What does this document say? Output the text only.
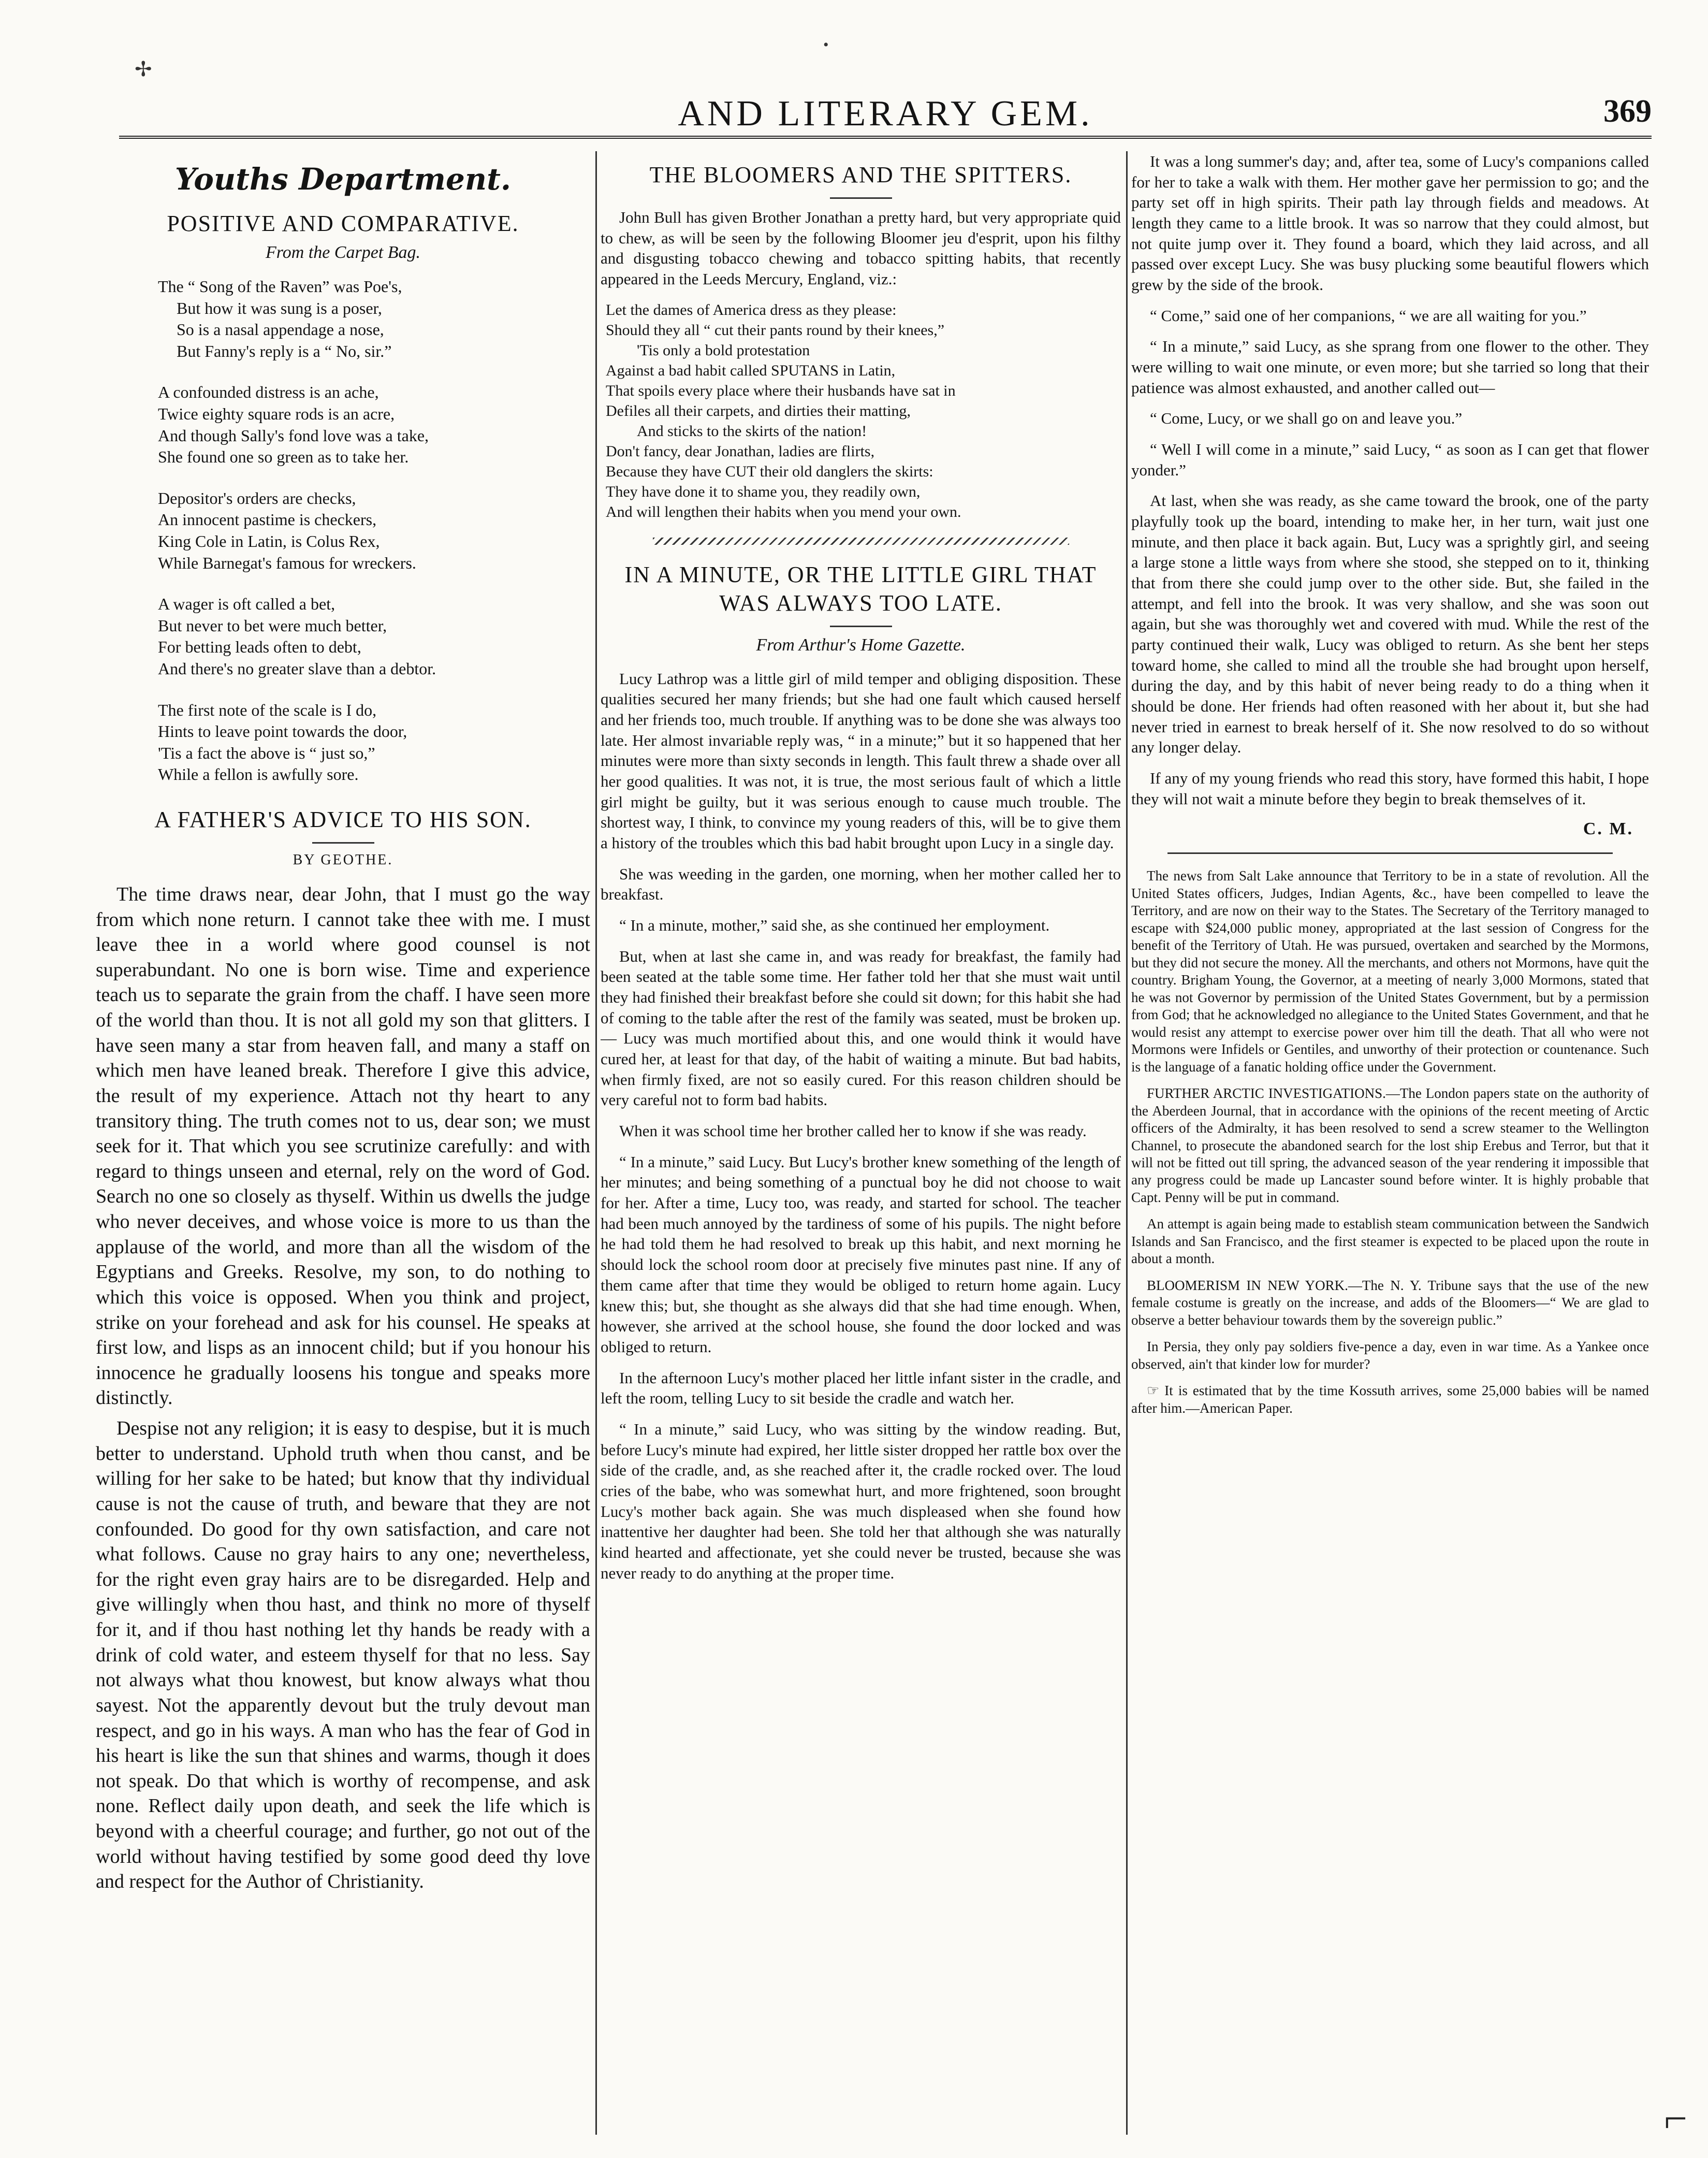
✢
•
AND LITERARY GEM.	369
Youths Department.
POSITIVE AND COMPARATIVE.
From the Carpet Bag.
The “ Song of the Raven” was Poe's,
But how it was sung is a poser,
So is a nasal appendage a nose,
But Fanny's reply is a “ No, sir.”
A confounded distress is an ache,
Twice eighty square rods is an acre,
And though Sally's fond love was a take,
She found one so green as to take her.
Depositor's orders are checks,
An innocent pastime is checkers,
King Cole in Latin, is Colus Rex,
While Barnegat's famous for wreckers.
A wager is oft called a bet,
But never to bet were much better,
For betting leads often to debt,
And there's no greater slave than a debtor.
The first note of the scale is I do,
Hints to leave point towards the door,
'Tis a fact the above is “ just so,”
While a fellon is awfully sore.
A FATHER'S ADVICE TO HIS SON.
BY GEOTHE.

The time draws near, dear John, that I must go the way from which none return. I cannot take thee with me. I must leave thee in a world where good counsel is not superabundant. No one is born wise. Time and experience teach us to separate the grain from the chaff. I have seen more of the world than thou. It is not all gold my son that glitters. I have seen many a star from heaven fall, and many a staff on which men have leaned break. Therefore I give this advice, the result of my experience. Attach not thy heart to any transitory thing. The truth comes not to us, dear son; we must seek for it. That which you see scrutinize carefully: and with regard to things unseen and eternal, rely on the word of God. Search no one so closely as thyself. Within us dwells the judge who never deceives, and whose voice is more to us than the applause of the world, and more than all the wisdom of the Egyptians and Greeks. Resolve, my son, to do nothing to which this voice is opposed. When you think and project, strike on your forehead and ask for his counsel. He speaks at first low, and lisps as an innocent child; but if you honour his innocence he gradually loosens his tongue and speaks more distinctly.

Despise not any religion; it is easy to despise, but it is much better to understand. Uphold truth when thou canst, and be willing for her sake to be hated; but know that thy individual cause is not the cause of truth, and beware that they are not confounded. Do good for thy own satisfaction, and care not what follows. Cause no gray hairs to any one; nevertheless, for the right even gray hairs are to be disregarded. Help and give willingly when thou hast, and think no more of thyself for it, and if thou hast nothing let thy hands be ready with a drink of cold water, and esteem thyself for that no less. Say not always what thou knowest, but know always what thou sayest. Not the apparently devout but the truly devout man respect, and go in his ways. A man who has the fear of God in his heart is like the sun that shines and warms, though it does not speak. Do that which is worthy of recompense, and ask none. Reflect daily upon death, and seek the life which is beyond with a cheerful courage; and further, go not out of the world without having testified by some good deed thy love and respect for the Author of Christianity.

THE BLOOMERS AND THE SPITTERS.

John Bull has given Brother Jonathan a pretty hard, but very appropriate quid to chew, as will be seen by the following Bloomer jeu d'esprit, upon his filthy and disgusting tobacco chewing and tobacco spitting habits, that recently appeared in the Leeds Mercury, England, viz.:

Let the dames of America dress as they please:
Should they all “ cut their pants round by their knees,”
'Tis only a bold protestation
Against a bad habit called SPUTANS in Latin,
That spoils every place where their husbands have sat in
Defiles all their carpets, and dirties their matting,
And sticks to the skirts of the nation!
Don't fancy, dear Jonathan, ladies are flirts,
Because they have CUT their old danglers the skirts:
They have done it to shame you, they readily own,
And will lengthen their habits when you mend your own.
IN A MINUTE, OR THE LITTLE GIRL THAT WAS ALWAYS TOO LATE.
From Arthur's Home Gazette.

Lucy Lathrop was a little girl of mild temper and obliging disposition. These qualities secured her many friends; but she had one fault which caused herself and her friends too, much trouble. If anything was to be done she was always too late. Her almost invariable reply was, “ in a minute;” but it so happened that her minutes were more than sixty seconds in length. This fault threw a shade over all her good qualities. It was not, it is true, the most serious fault of which a little girl might be guilty, but it was serious enough to cause much trouble. The shortest way, I think, to convince my young readers of this, will be to give them a history of the troubles which this bad habit brought upon Lucy in a single day.

She was weeding in the garden, one morning, when her mother called her to breakfast.

“ In a minute, mother,” said she, as she continued her employment.

But, when at last she came in, and was ready for breakfast, the family had been seated at the table some time. Her father told her that she must wait until they had finished their breakfast before she could sit down; for this habit she had of coming to the table after the rest of the family was seated, must be broken up.— Lucy was much mortified about this, and one would think it would have cured her, at least for that day, of the habit of waiting a minute. But bad habits, when firmly fixed, are not so easily cured. For this reason children should be very careful not to form bad habits.

When it was school time her brother called her to know if she was ready.

“ In a minute,” said Lucy. But Lucy's brother knew something of the length of her minutes; and being something of a punctual boy he did not choose to wait for her. After a time, Lucy too, was ready, and started for school. The teacher had been much annoyed by the tardiness of some of his pupils. The night before he had told them he had resolved to break up this habit, and next morning he should lock the school room door at precisely five minutes past nine. If any of them came after that time they would be obliged to return home again. Lucy knew this; but, she thought as she always did that she had time enough. When, however, she arrived at the school house, she found the door locked and was obliged to return.

In the afternoon Lucy's mother placed her little infant sister in the cradle, and left the room, telling Lucy to sit beside the cradle and watch her.

“ In a minute,” said Lucy, who was sitting by the window reading. But, before Lucy's minute had expired, her little sister dropped her rattle box over the side of the cradle, and, as she reached after it, the cradle rocked over. The loud cries of the babe, who was somewhat hurt, and more frightened, soon brought Lucy's mother back again. She was much displeased when she found how inattentive her daughter had been. She told her that although she was naturally kind hearted and affectionate, yet she could never be trusted, because she was never ready to do anything at the proper time.

It was a long summer's day; and, after tea, some of Lucy's companions called for her to take a walk with them. Her mother gave her permission to go; and the party set off in high spirits. Their path lay through fields and meadows. At length they came to a little brook. It was so narrow that they could almost, but not quite jump over it. They found a board, which they laid across, and all passed over except Lucy. She was busy plucking some beautiful flowers which grew by the side of the brook.

“ Come,” said one of her companions, “ we are all waiting for you.”

“ In a minute,” said Lucy, as she sprang from one flower to the other. They were willing to wait one minute, or even more; but she tarried so long that their patience was almost exhausted, and another called out—

“ Come, Lucy, or we shall go on and leave you.”

“ Well I will come in a minute,” said Lucy, “ as soon as I can get that flower yonder.”

At last, when she was ready, as she came toward the brook, one of the party playfully took up the board, intending to make her, in her turn, wait just one minute, and then place it back again. But, Lucy was a sprightly girl, and seeing a large stone a little ways from where she stood, she stepped on to it, thinking that from there she could jump over to the other side. But, she failed in the attempt, and fell into the brook. It was very shallow, and she was soon out again, but she was thoroughly wet and covered with mud. While the rest of the party continued their walk, Lucy was obliged to return. As she bent her steps toward home, she called to mind all the trouble she had brought upon herself, during the day, and by this habit of never being ready to do a thing when it should be done. Her friends had often reasoned with her about it, but she had never tried in earnest to break herself of it. She now resolved to do so without any longer delay.

If any of my young friends who read this story, have formed this habit, I hope they will not wait a minute before they begin to break themselves of it.

C. M.

The news from Salt Lake announce that Territory to be in a state of revolution. All the United States officers, Judges, Indian Agents, &c., have been compelled to leave the Territory, and are now on their way to the States. The Secretary of the Territory managed to escape with $24,000 public money, appropriated at the last session of Congress for the benefit of the Territory of Utah. He was pursued, overtaken and searched by the Mormons, but they did not secure the money. All the merchants, and others not Mormons, have quit the country. Brigham Young, the Governor, at a meeting of nearly 3,000 Mormons, stated that he was not Governor by permission of the United States Government, but by a permission from God; that he acknowledged no allegiance to the United States Government, and that he would resist any attempt to exercise power over him till the death. That all who were not Mormons were Infidels or Gentiles, and unworthy of their protection or countenance. Such is the language of a fanatic holding office under the Government.

FURTHER ARCTIC INVESTIGATIONS.—The London papers state on the authority of the Aberdeen Journal, that in accordance with the opinions of the recent meeting of Arctic officers of the Admiralty, it has been resolved to send a screw steamer to the Wellington Channel, to prosecute the abandoned search for the lost ship Erebus and Terror, but that it will not be fitted out till spring, the advanced season of the year rendering it impossible that any progress could be made up Lancaster sound before winter. It is highly probable that Capt. Penny will be put in command.

An attempt is again being made to establish steam communication between the Sandwich Islands and San Francisco, and the first steamer is expected to be placed upon the route in about a month.

BLOOMERISM IN NEW YORK.—The N. Y. Tribune says that the use of the new female costume is greatly on the increase, and adds of the Bloomers—“ We are glad to observe a better behaviour towards them by the sovereign public.”

In Persia, they only pay soldiers five-pence a day, even in war time. As a Yankee once observed, ain't that kinder low for murder?

☞ It is estimated that by the time Kossuth arrives, some 25,000 babies will be named after him.—American Paper.

⌐
